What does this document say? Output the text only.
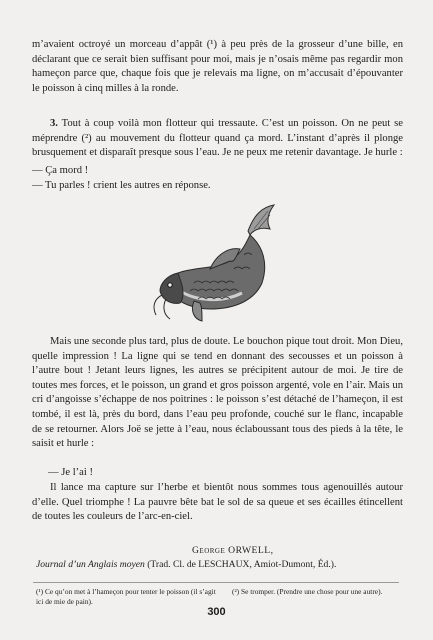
m’avaient octroyé un morceau d’appât (¹) à peu près de la grosseur d’une bille, en déclarant que ce serait bien suffisant pour moi, mais je n’osais même pas regardir mon hameçon parce que, chaque fois que je relevais ma ligne, on m’accusait d’épouvanter le poisson à cinq milles à la ronde.

3. Tout à coup voilà mon flotteur qui tressaute. C’est un poisson. On ne peut se méprendre (²) au mouvement du flotteur quand ça mord. L’instant d’après il plonge brusquement et disparaît presque sous l’eau. Je ne peux me retenir davantage. Je hurle :

— Ça mord !

— Tu parles ! crient les autres en réponse.

Mais une seconde plus tard, plus de doute. Le bouchon pique tout droit. Mon Dieu, quelle impression ! La ligne qui se tend en donnant des secousses et un poisson à l’autre bout ! Jetant leurs lignes, les autres se précipitent autour de moi. Je tire de toutes mes forces, et le poisson, un grand et gros poisson argenté, vole en l’air. Mais un cri d’angoisse s’échappe de nos poitrines : le poisson s’est détaché de l’hameçon, il est tombé, il est là, près du bord, dans l’eau peu profonde, couché sur le flanc, incapable de se retourner. Alors Joë se jette à l’eau, nous éclaboussant tous des pieds à la tête, le saisit et hurle :

— Je l’ai !

Il lance ma capture sur l’herbe et bientôt nous sommes tous agenouillés autour d’elle. Quel triomphe ! La pauvre bête bat le sol de sa queue et ses écailles étincellent de toutes les couleurs de l’arc-en-ciel.

George ORWELL,
Journal d’un Anglais moyen (Trad. Cl. de LESCHAUX, Amiot-Dumont, Éd.).
(¹) Ce qu’on met à l’hameçon pour tenter le poisson (il s’agit ici de mie de pain).
(²) Se tromper. (Prendre une chose pour une autre).
300
